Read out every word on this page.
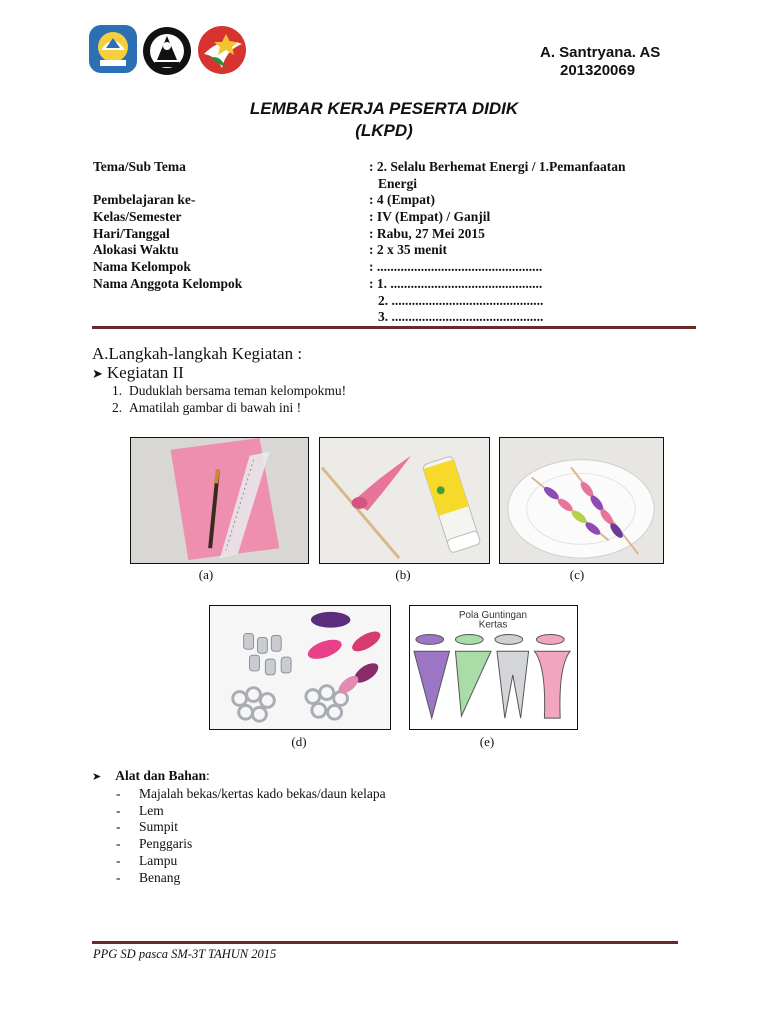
A. Santryana. AS
201320069
LEMBAR KERJA PESERTA DIDIK
(LKPD)
Tema/Sub Tema	: 2. Selalu Berhemat Energi / 1.Pemanfaatan
Energi
Pembelajaran ke-	: 4 (Empat)
Kelas/Semester	: IV (Empat) / Ganjil
Hari/Tanggal	: Rabu, 27 Mei 2015
Alokasi Waktu	: 2 x 35 menit
Nama Kelompok	: .................................................
Nama Anggota Kelompok	: 1. .............................................
2. .............................................
3. .............................................
A.Langkah-langkah Kegiatan :
➤ Kegiatan II
1. Duduklah bersama teman kelompokmu!
2. Amatilah gambar di bawah ini !
(a)	(b)	(c)
Pola Guntingan
Kertas
(d)	(e)
➤ Alat dan Bahan:
- Majalah bekas/kertas kado bekas/daun kelapa
- Lem
- Sumpit
- Penggaris
- Lampu
- Benang
PPG SD pasca SM-3T TAHUN 2015
